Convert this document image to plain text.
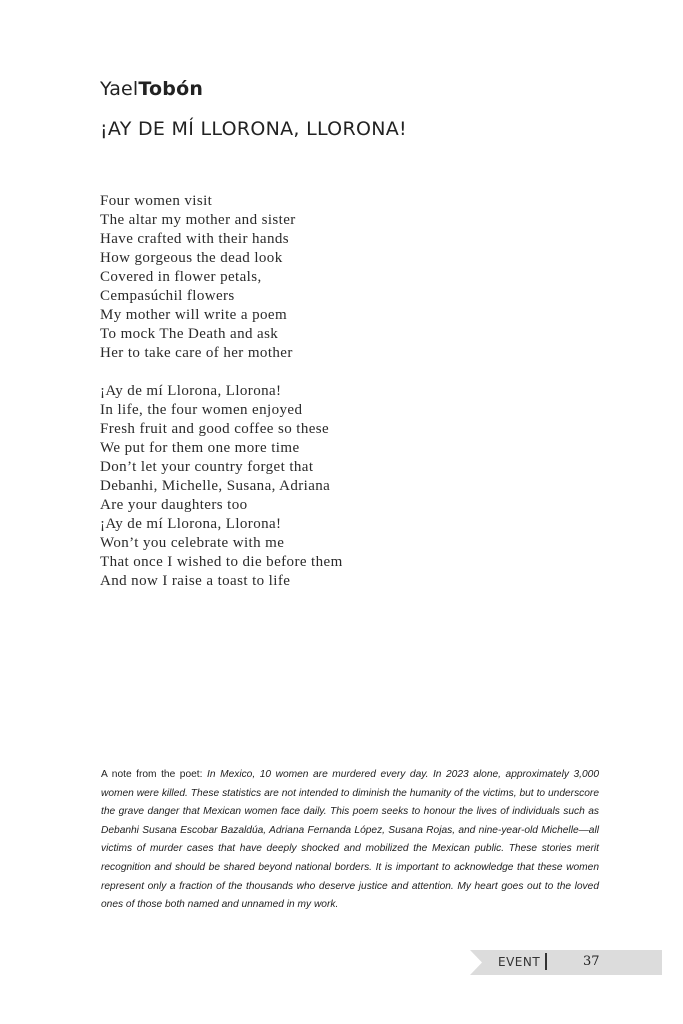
YaelTobón
¡AY DE MÍ LLORONA, LLORONA!
Four women visit
The altar my mother and sister
Have crafted with their hands
How gorgeous the dead look
Covered in flower petals,
Cempasúchil flowers
My mother will write a poem
To mock The Death and ask
Her to take care of her mother
¡Ay de mí Llorona, Llorona!
In life, the four women enjoyed
Fresh fruit and good coffee so these
We put for them one more time
Don’t let your country forget that
Debanhi, Michelle, Susana, Adriana
Are your daughters too
¡Ay de mí Llorona, Llorona!
Won’t you celebrate with me
That once I wished to die before them
And now I raise a toast to life
A note from the poet: In Mexico, 10 women are murdered every day. In 2023 alone, approximately 3,000 women were killed. These statistics are not intended to diminish the humanity of the victims, but to underscore the grave danger that Mexican women face daily. This poem seeks to honour the lives of individuals such as Debanhi Susana Escobar Bazaldúa, Adriana Fernanda López, Susana Rojas, and nine-year-old Michelle—all victims of murder cases that have deeply shocked and mobilized the Mexican public. These stories merit recognition and should be shared beyond national borders. It is important to acknowledge that these women represent only a fraction of the thousands who deserve justice and attention. My heart goes out to the loved ones of those both named and unnamed in my work.
EVENT	37
